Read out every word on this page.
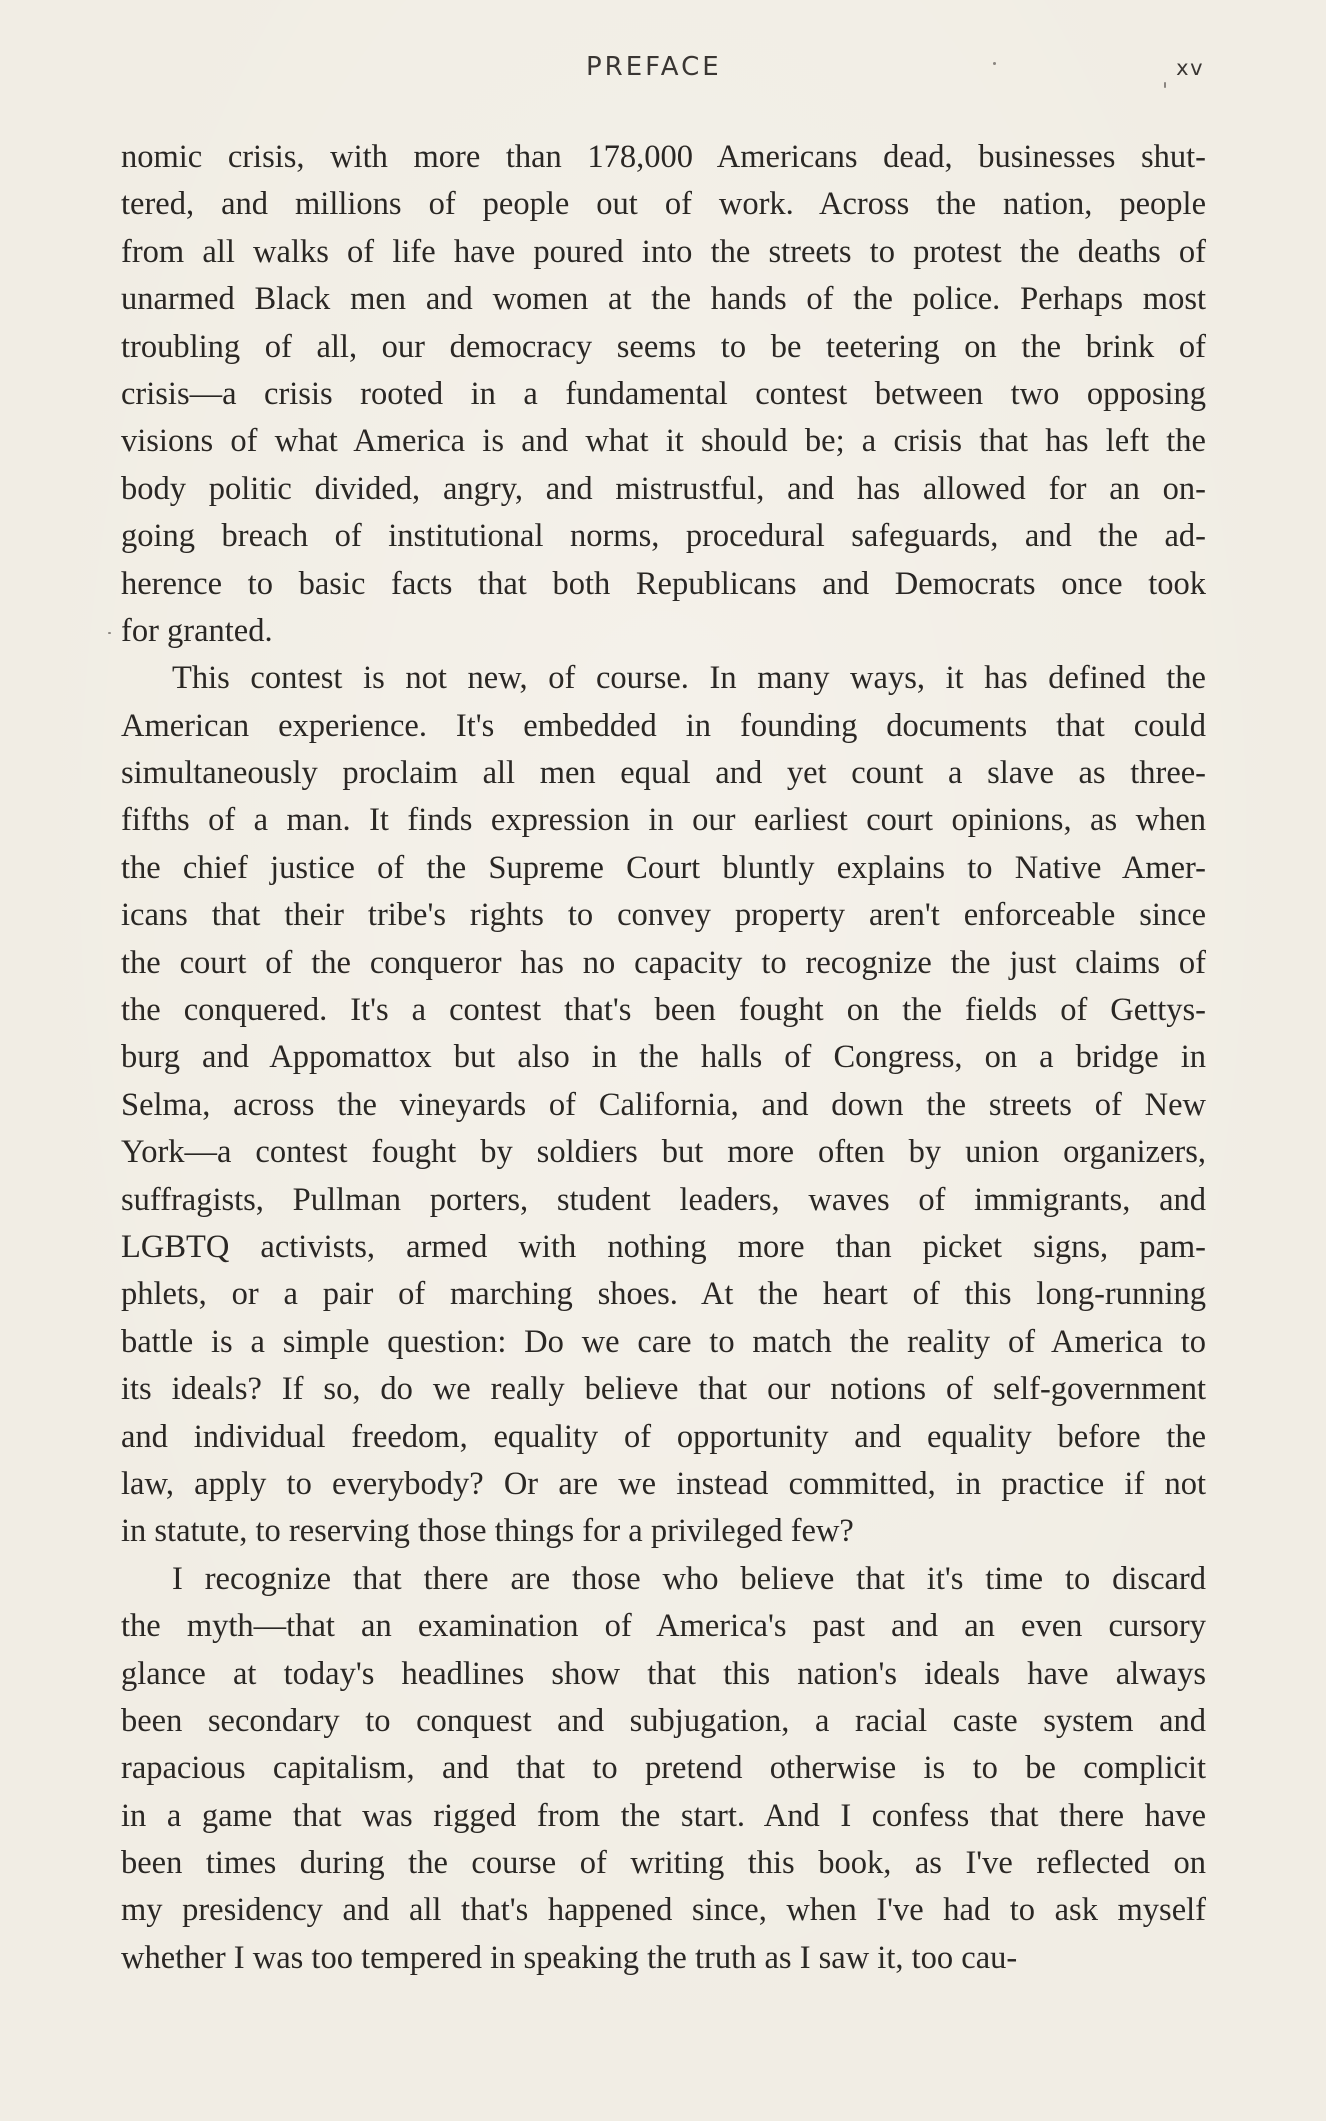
PREFACE	xv
nomic crisis, with more than 178,000 Americans dead, businesses shut-
tered, and millions of people out of work. Across the nation, people
from all walks of life have poured into the streets to protest the deaths of
unarmed Black men and women at the hands of the police. Perhaps most
troubling of all, our democracy seems to be teetering on the brink of
crisis—a crisis rooted in a fundamental contest between two opposing
visions of what America is and what it should be; a crisis that has left the
body politic divided, angry, and mistrustful, and has allowed for an on-
going breach of institutional norms, procedural safeguards, and the ad-
herence to basic facts that both Republicans and Democrats once took
for granted.
This contest is not new, of course. In many ways, it has defined the
American experience. It's embedded in founding documents that could
simultaneously proclaim all men equal and yet count a slave as three-
fifths of a man. It finds expression in our earliest court opinions, as when
the chief justice of the Supreme Court bluntly explains to Native Amer-
icans that their tribe's rights to convey property aren't enforceable since
the court of the conqueror has no capacity to recognize the just claims of
the conquered. It's a contest that's been fought on the fields of Gettys-
burg and Appomattox but also in the halls of Congress, on a bridge in
Selma, across the vineyards of California, and down the streets of New
York—a contest fought by soldiers but more often by union organizers,
suffragists, Pullman porters, student leaders, waves of immigrants, and
LGBTQ activists, armed with nothing more than picket signs, pam-
phlets, or a pair of marching shoes. At the heart of this long-running
battle is a simple question: Do we care to match the reality of America to
its ideals? If so, do we really believe that our notions of self-government
and individual freedom, equality of opportunity and equality before the
law, apply to everybody? Or are we instead committed, in practice if not
in statute, to reserving those things for a privileged few?
I recognize that there are those who believe that it's time to discard
the myth—that an examination of America's past and an even cursory
glance at today's headlines show that this nation's ideals have always
been secondary to conquest and subjugation, a racial caste system and
rapacious capitalism, and that to pretend otherwise is to be complicit
in a game that was rigged from the start. And I confess that there have
been times during the course of writing this book, as I've reflected on
my presidency and all that's happened since, when I've had to ask myself
whether I was too tempered in speaking the truth as I saw it, too cau-
